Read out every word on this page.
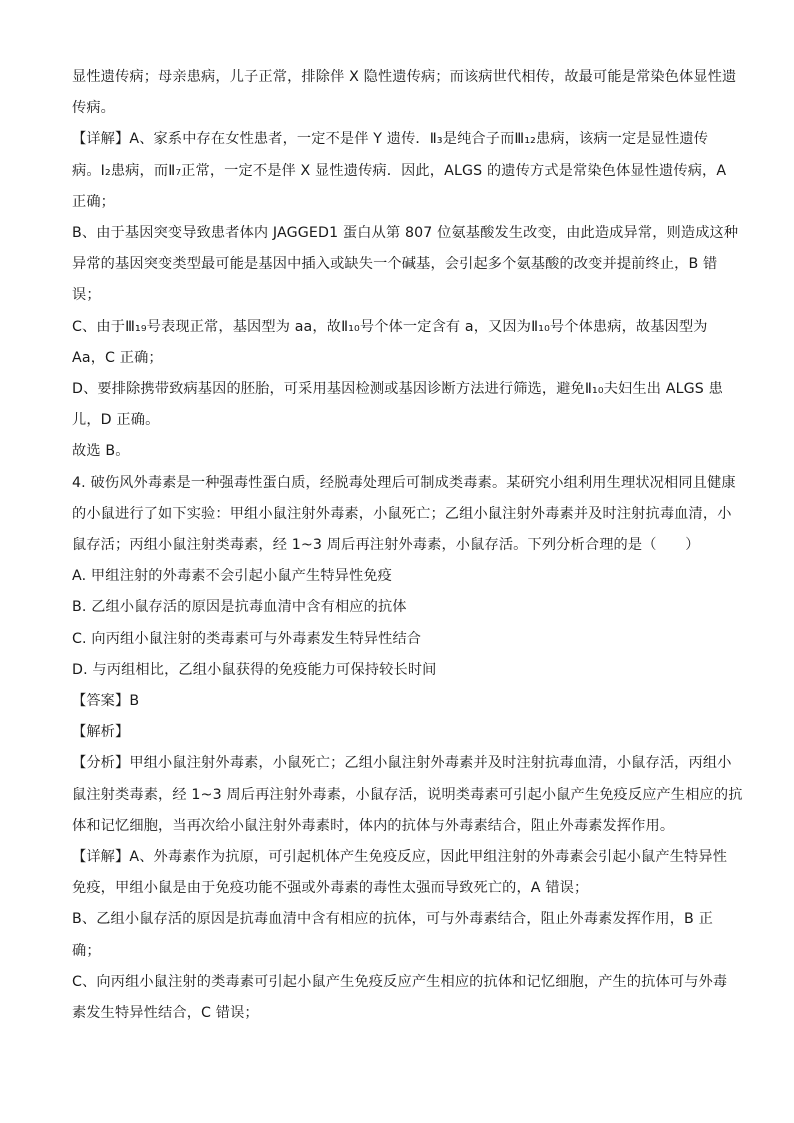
显性遗传病；母亲患病，儿子正常，排除伴 X 隐性遗传病；而该病世代相传，故最可能是常染色体显性遗
传病。
【详解】A、家系中存在女性患者，一定不是伴 Y 遗传．Ⅱ₃是纯合子而Ⅲ₁₂患病，该病一定是显性遗传
病。I₂患病，而Ⅱ₇正常，一定不是伴 X 显性遗传病．因此，ALGS 的遗传方式是常染色体显性遗传病，A
正确；
B、由于基因突变导致患者体内 JAGGED1 蛋白从第 807 位氨基酸发生改变，由此造成异常，则造成这种
异常的基因突变类型最可能是基因中插入或缺失一个碱基，会引起多个氨基酸的改变并提前终止，B 错
误；
C、由于Ⅲ₁₉号表现正常，基因型为 aa，故Ⅱ₁₀号个体一定含有 a，又因为Ⅱ₁₀号个体患病，故基因型为
Aa，C 正确；
D、要排除携带致病基因的胚胎，可采用基因检测或基因诊断方法进行筛选，避免Ⅱ₁₀夫妇生出 ALGS 患
儿，D 正确。
故选 B。
4. 破伤风外毒素是一种强毒性蛋白质，经脱毒处理后可制成类毒素。某研究小组利用生理状况相同且健康
的小鼠进行了如下实验：甲组小鼠注射外毒素，小鼠死亡；乙组小鼠注射外毒素并及时注射抗毒血清，小
鼠存活；丙组小鼠注射类毒素，经 1~3 周后再注射外毒素，小鼠存活。下列分析合理的是（　　）
A. 甲组注射的外毒素不会引起小鼠产生特异性免疫
B. 乙组小鼠存活的原因是抗毒血清中含有相应的抗体
C. 向丙组小鼠注射的类毒素可与外毒素发生特异性结合
D. 与丙组相比，乙组小鼠获得的免疫能力可保持较长时间
【答案】B
【解析】
【分析】甲组小鼠注射外毒素，小鼠死亡；乙组小鼠注射外毒素并及时注射抗毒血清，小鼠存活，丙组小
鼠注射类毒素，经 1~3 周后再注射外毒素，小鼠存活，说明类毒素可引起小鼠产生免疫反应产生相应的抗
体和记忆细胞，当再次给小鼠注射外毒素时，体内的抗体与外毒素结合，阻止外毒素发挥作用。
【详解】A、外毒素作为抗原，可引起机体产生免疫反应，因此甲组注射的外毒素会引起小鼠产生特异性
免疫，甲组小鼠是由于免疫功能不强或外毒素的毒性太强而导致死亡的，A 错误；
B、乙组小鼠存活的原因是抗毒血清中含有相应的抗体，可与外毒素结合，阻止外毒素发挥作用，B 正
确；
C、向丙组小鼠注射的类毒素可引起小鼠产生免疫反应产生相应的抗体和记忆细胞，产生的抗体可与外毒
素发生特异性结合，C 错误；
